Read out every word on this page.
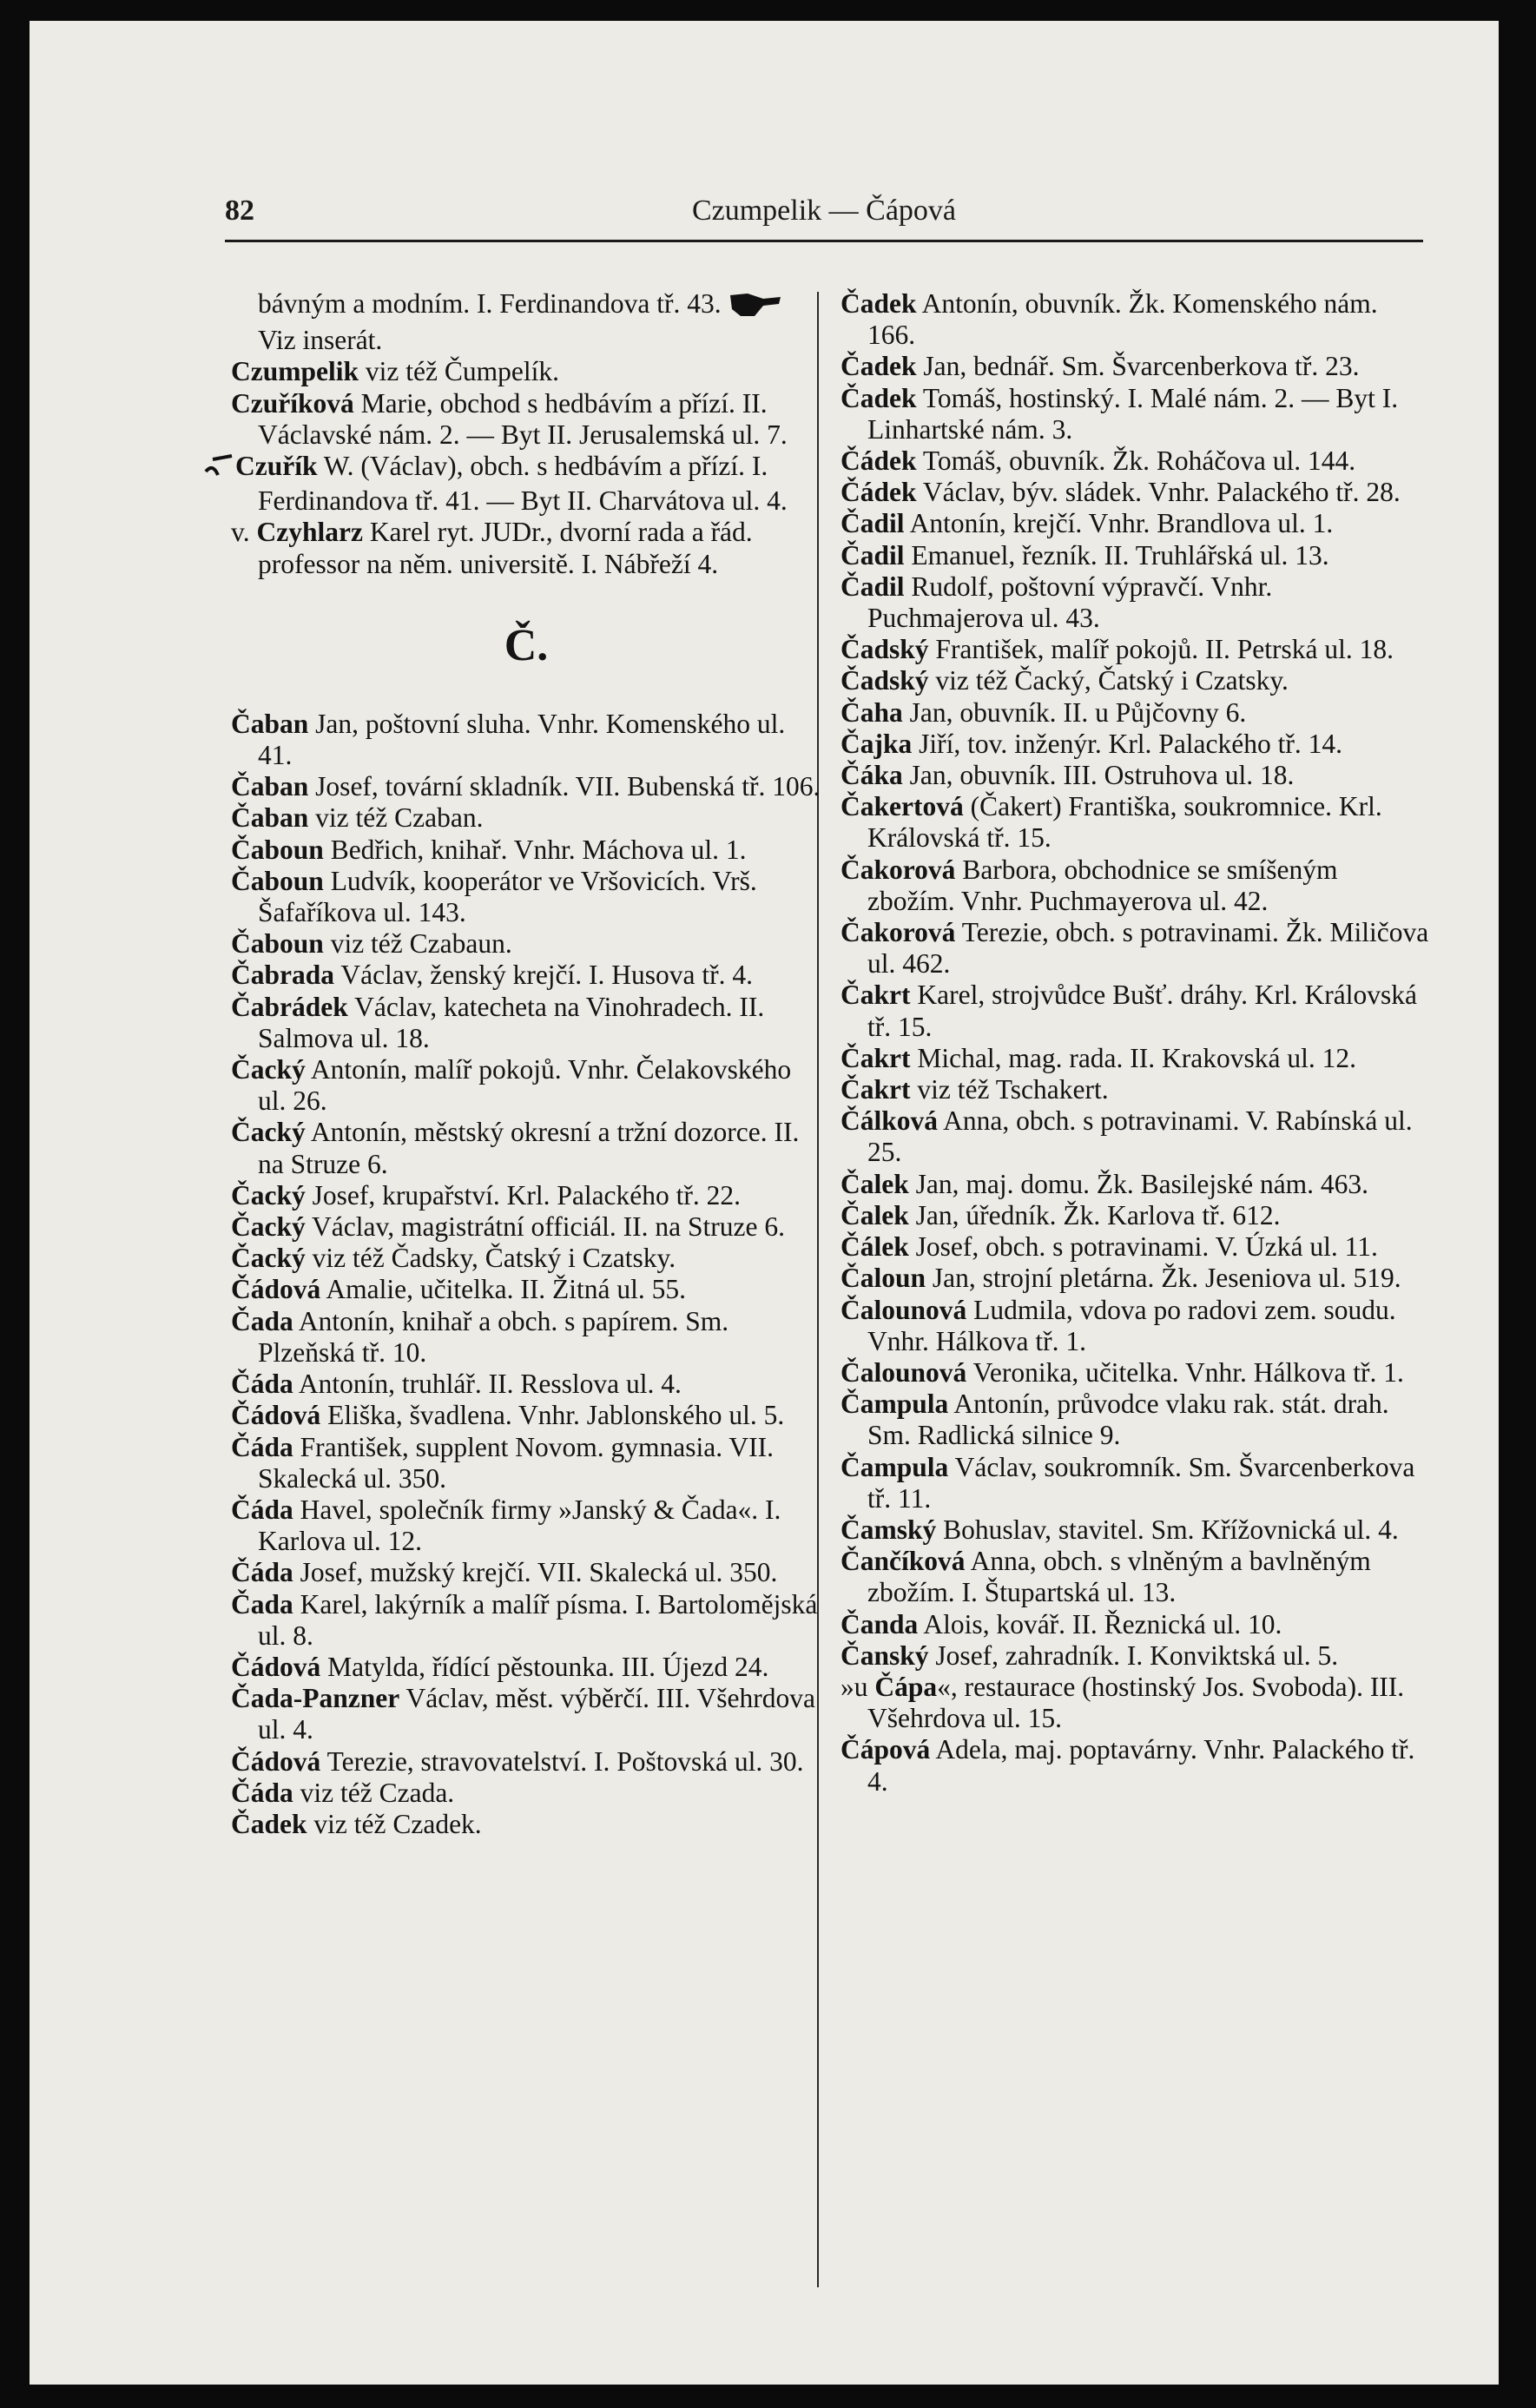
82	Czumpelik — Čápová
bávným a modním. I. Ferdinandova tř. 43.  Viz inserát.
Czumpelik viz též Čumpelík.
Czuříková Marie, obchod s hedbávím a přízí. II. Václavské nám. 2. — Byt II. Jerusalemská ul. 7.
Czuřík W. (Václav), obch. s hedbávím a přízí. I. Ferdinandova tř. 41. — Byt II. Charvátova ul. 4.
v. Czyhlarz Karel ryt. JUDr., dvorní rada a řád. professor na něm. universitě. I. Nábřeží 4.
Č.
Čaban Jan, poštovní sluha. Vnhr. Komenského ul. 41.
Čaban Josef, tovární skladník. VII. Bubenská tř. 106.
Čaban viz též Czaban.
Čaboun Bedřich, knihař. Vnhr. Máchova ul. 1.
Čaboun Ludvík, kooperátor ve Vršovicích. Vrš. Šafaříkova ul. 143.
Čaboun viz též Czabaun.
Čabrada Václav, ženský krejčí. I. Husova tř. 4.
Čabrádek Václav, katecheta na Vinohradech. II. Salmova ul. 18.
Čacký Antonín, malíř pokojů. Vnhr. Čelakovského ul. 26.
Čacký Antonín, městský okresní a tržní dozorce. II. na Struze 6.
Čacký Josef, krupařství. Krl. Palackého tř. 22.
Čacký Václav, magistrátní officiál. II. na Struze 6.
Čacký viz též Čadsky, Čatský i Czatsky.
Čádová Amalie, učitelka. II. Žitná ul. 55.
Čada Antonín, knihař a obch. s papírem. Sm. Plzeňská tř. 10.
Čáda Antonín, truhlář. II. Resslova ul. 4.
Čádová Eliška, švadlena. Vnhr. Jablonského ul. 5.
Čáda František, supplent Novom. gymnasia. VII. Skalecká ul. 350.
Čáda Havel, společník firmy »Janský & Čada«. I. Karlova ul. 12.
Čáda Josef, mužský krejčí. VII. Skalecká ul. 350.
Čada Karel, lakýrník a malíř písma. I. Bartolomějská ul. 8.
Čádová Matylda, řídící pěstounka. III. Újezd 24.
Čada-Panzner Václav, měst. výběrčí. III. Všehrdova ul. 4.
Čádová Terezie, stravovatelství. I. Poštovská ul. 30.
Čáda viz též Czada.
Čadek viz též Czadek.
Čadek Antonín, obuvník. Žk. Komenského nám. 166.
Čadek Jan, bednář. Sm. Švarcenberkova tř. 23.
Čadek Tomáš, hostinský. I. Malé nám. 2. — Byt I. Linhartské nám. 3.
Čádek Tomáš, obuvník. Žk. Roháčova ul. 144.
Čádek Václav, býv. sládek. Vnhr. Palackého tř. 28.
Čadil Antonín, krejčí. Vnhr. Brandlova ul. 1.
Čadil Emanuel, řezník. II. Truhlářská ul. 13.
Čadil Rudolf, poštovní výpravčí. Vnhr. Puchmajerova ul. 43.
Čadský František, malíř pokojů. II. Petrská ul. 18.
Čadský viz též Čacký, Čatský i Czatsky.
Čaha Jan, obuvník. II. u Půjčovny 6.
Čajka Jiří, tov. inženýr. Krl. Palackého tř. 14.
Čáka Jan, obuvník. III. Ostruhova ul. 18.
Čakertová (Čakert) Františka, soukromnice. Krl. Královská tř. 15.
Čakorová Barbora, obchodnice se smíšeným zbožím. Vnhr. Puchmayerova ul. 42.
Čakorová Terezie, obch. s potravinami. Žk. Miličova ul. 462.
Čakrt Karel, strojvůdce Bušť. dráhy. Krl. Královská tř. 15.
Čakrt Michal, mag. rada. II. Krakovská ul. 12.
Čakrt viz též Tschakert.
Čálková Anna, obch. s potravinami. V. Rabínská ul. 25.
Čalek Jan, maj. domu. Žk. Basilejské nám. 463.
Čalek Jan, úředník. Žk. Karlova tř. 612.
Čálek Josef, obch. s potravinami. V. Úzká ul. 11.
Čaloun Jan, strojní pletárna. Žk. Jeseniova ul. 519.
Čalounová Ludmila, vdova po radovi zem. soudu. Vnhr. Hálkova tř. 1.
Čalounová Veronika, učitelka. Vnhr. Hálkova tř. 1.
Čampula Antonín, průvodce vlaku rak. stát. drah. Sm. Radlická silnice 9.
Čampula Václav, soukromník. Sm. Švarcenberkova tř. 11.
Čamský Bohuslav, stavitel. Sm. Křížovnická ul. 4.
Čančíková Anna, obch. s vlněným a bavlněným zbožím. I. Štupartská ul. 13.
Čanda Alois, kovář. II. Řeznická ul. 10.
Čanský Josef, zahradník. I. Konviktská ul. 5.
»u Čápa«, restaurace (hostinský Jos. Svoboda). III. Všehrdova ul. 15.
Čápová Adela, maj. poptavárny. Vnhr. Palackého tř. 4.
